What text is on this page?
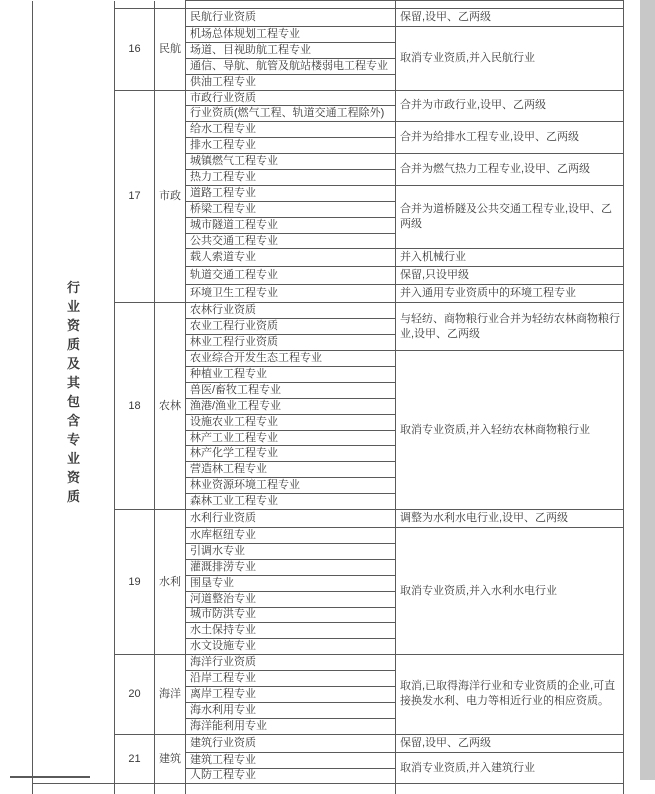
行
业
资
质
及
其
包
含
专
业
资
质

	16	民航	民航行业资质	保留,设甲、乙两级
			机场总体规划工程专业	取消专业资质,并入民航行业
			场道、目视助航工程专业	
			通信、导航、航管及航站楼弱电工程专业	
			供油工程专业	
	17	市政	市政行业资质	合并为市政行业,设甲、乙两级
			行业资质(燃气工程、轨道交通工程除外)	
			给水工程专业	合并为给排水工程专业,设甲、乙两级
			排水工程专业	
			城镇燃气工程专业	合并为燃气热力工程专业,设甲、乙两级
			热力工程专业	
			道路工程专业	合并为道桥隧及公共交通工程专业,设甲、乙两级
			桥梁工程专业	
			城市隧道工程专业	
			公共交通工程专业	
			载人索道专业	并入机械行业
			轨道交通工程专业	保留,只设甲级
			环境卫生工程专业	并入通用专业资质中的环境工程专业
	18	农林	农林行业资质	与轻纺、商物粮行业合并为轻纺农林商物粮行业,设甲、乙两级
			农业工程行业资质	
			林业工程行业资质	
			农业综合开发生态工程专业	取消专业资质,并入轻纺农林商物粮行业
			种植业工程专业	
			兽医/畜牧工程专业	
			渔港/渔业工程专业	
			设施农业工程专业	
			林产工业工程专业	
			林产化学工程专业	
			营造林工程专业	
			林业资源环境工程专业	
			森林工业工程专业	
	19	水利	水利行业资质	调整为水利水电行业,设甲、乙两级
			水库枢纽专业	取消专业资质,并入水利水电行业
			引调水专业	
			灌溉排涝专业	
			围垦专业	
			河道整治专业	
			城市防洪专业	
			水土保持专业	
			水文设施专业	
	20	海洋	海洋行业资质	取消,已取得海洋行业和专业资质的企业,可直接换发水利、电力等相近行业的相应资质。
			沿岸工程专业	
			离岸工程专业	
			海水利用专业	
			海洋能利用专业	
	21	建筑	建筑行业资质	保留,设甲、乙两级
			建筑工程专业	取消专业资质,并入建筑行业
			人防工程专业	
